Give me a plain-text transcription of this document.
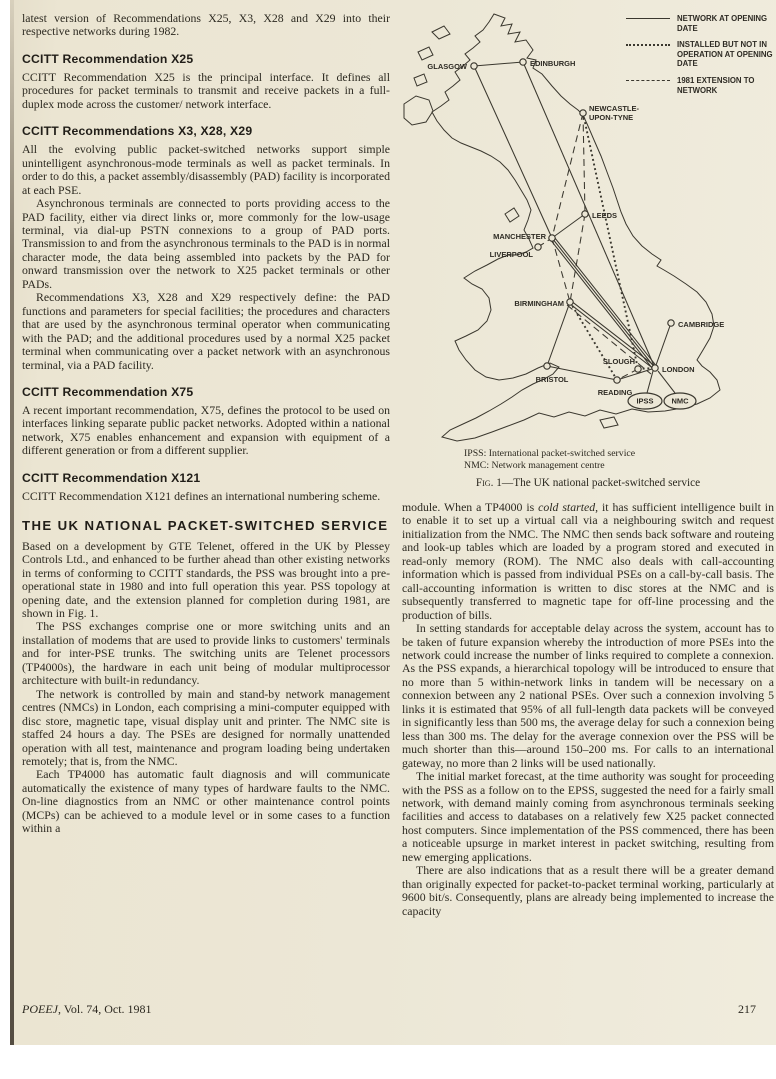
latest version of Recommendations X25, X3, X28 and X29 into their respective networks during 1982.

CCITT Recommendation X25

CCITT Recommendation X25 is the principal interface. It defines all procedures for packet terminals to transmit and receive packets in a full-duplex mode across the customer/ network interface.

CCITT Recommendations X3, X28, X29

All the evolving public packet-switched networks support simple unintelligent asynchronous-mode terminals as well as packet terminals. In order to do this, a packet assembly/disassembly (PAD) facility is incorporated at each PSE.

Asynchronous terminals are connected to ports providing access to the PAD facility, either via direct links or, more commonly for the low-usage terminal, via dial-up PSTN connexions to a group of PAD ports. Transmission to and from the asynchronous terminals to the PAD is in normal character mode, the data being assembled into packets by the PAD for onward transmission over the network to X25 packet terminals or other PADs.

Recommendations X3, X28 and X29 respectively define: the PAD functions and parameters for special facilities; the procedures and characters that are used by the asynchronous terminal operator when communicating with the PAD; and the additional procedures used by a normal X25 packet terminal when communicating over a packet network with an asynchronous terminal, via a PAD facility.

CCITT Recommendation X75

A recent important recommendation, X75, defines the protocol to be used on interfaces linking separate public packet networks. Adopted within a national network, X75 enables enhancement and expansion with equipment of a different generation or from a different supplier.

CCITT Recommendation X121

CCITT Recommendation X121 defines an international numbering scheme.

THE UK NATIONAL PACKET-SWITCHED SERVICE

Based on a development by GTE Telenet, offered in the UK by Plessey Controls Ltd., and enhanced to be further ahead than other existing networks in terms of conforming to CCITT standards, the PSS was brought into a pre-operational state in 1980 and into full operation this year. PSS topology at opening date, and the extension planned for completion during 1981, are shown in Fig. 1.

The PSS exchanges comprise one or more switching units and an installation of modems that are used to provide links to customers' terminals and for inter-PSE trunks. The switching units are Telenet processors (TP4000s), the hardware in each unit being of modular multiprocessor architecture with built-in redundancy.

The network is controlled by main and stand-by network management centres (NMCs) in London, each comprising a mini-computer equipped with disc store, magnetic tape, visual display unit and printer. The NMC site is staffed 24 hours a day. The PSEs are designed for normally unattended operation with all test, maintenance and program loading being undertaken remotely; that is, from the NMC.

Each TP4000 has automatic fault diagnosis and will communicate automatically the existence of many types of hardware faults to the NMC. On-line diagnostics from an NMC or other maintenance control points (MCPs) can be achieved to a module level or in some cases to a function within a

GLASGOW	EDINBURGH
NEWCASTLE-UPON-TYNE
LEEDS
MANCHESTER
LIVERPOOL
BIRMINGHAM
CAMBRIDGE
SLOUGH
LONDON
BRISTOL
READING
IPSS NMC
NETWORK AT OPENING DATE
INSTALLED BUT NOT IN OPERATION AT OPENING DATE
1981 EXTENSION TO NETWORK
IPSS: International packet-switched service
NMC: Network management centre
Fig. 1—The UK national packet-switched service

module. When a TP4000 is cold started, it has sufficient intelligence built in to enable it to set up a virtual call via a neighbouring switch and request initialization from the NMC. The NMC then sends back software and routeing and look-up tables which are loaded by a program stored and executed in read-only memory (ROM). The NMC also deals with call-accounting information which is passed from individual PSEs on a call-by-call basis. The call-accounting information is written to disc stores at the NMC and is subsequently transferred to magnetic tape for off-line processing and the production of bills.

In setting standards for acceptable delay across the system, account has to be taken of future expansion whereby the introduction of more PSEs into the network could increase the number of links required to complete a connexion. As the PSS expands, a hierarchical topology will be introduced to ensure that no more than 5 within-network links in tandem will be necessary on a connexion between any 2 national PSEs. Over such a connexion involving 5 links it is estimated that 95% of all full-length data packets will be conveyed in significantly less than 500 ms, the average delay for such a connexion being less than 300 ms. The delay for the average connexion over the PSS will be much shorter than this—around 150–200 ms. For calls to an international gateway, no more than 2 links will be used nationally.

The initial market forecast, at the time authority was sought for proceeding with the PSS as a follow on to the EPSS, suggested the need for a fairly small network, with demand mainly coming from asynchronous terminals seeking facilities and access to databases on a relatively few X25 packet connected host computers. Since implementation of the PSS commenced, there has been a noticeable upsurge in market interest in packet switching, resulting from new emerging applications.

There are also indications that as a result there will be a greater demand than originally expected for packet-to-packet terminal working, particularly at 9600 bit/s. Consequently, plans are already being implemented to increase the capacity

217
POEEJ, Vol. 74, Oct. 1981
